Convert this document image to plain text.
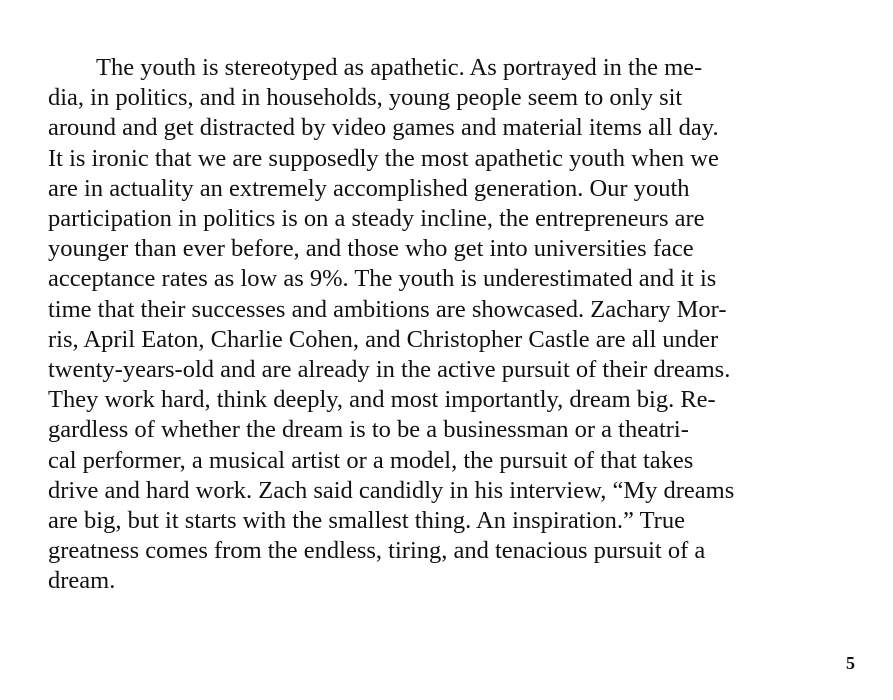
The youth is stereotyped as apathetic. As portrayed in the me-
dia, in politics, and in households, young people seem to only sit
around and get distracted by video games and material items all day.
It is ironic that we are supposedly the most apathetic youth when we
are in actuality an extremely accomplished generation. Our youth
participation in politics is on a steady incline, the entrepreneurs are
younger than ever before, and those who get into universities face
acceptance rates as low as 9%. The youth is underestimated and it is
time that their successes and ambitions are showcased. Zachary Mor-
ris, April Eaton, Charlie Cohen, and Christopher Castle are all under
twenty-years-old and are already in the active pursuit of their dreams.
They work hard, think deeply, and most importantly, dream big. Re-
gardless of whether the dream is to be a businessman or a theatri-
cal performer, a musical artist or a model, the pursuit of that takes
drive and hard work. Zach said candidly in his interview, “My dreams
are big, but it starts with the smallest thing. An inspiration.” True
greatness comes from the endless, tiring, and tenacious pursuit of a
dream.

5
